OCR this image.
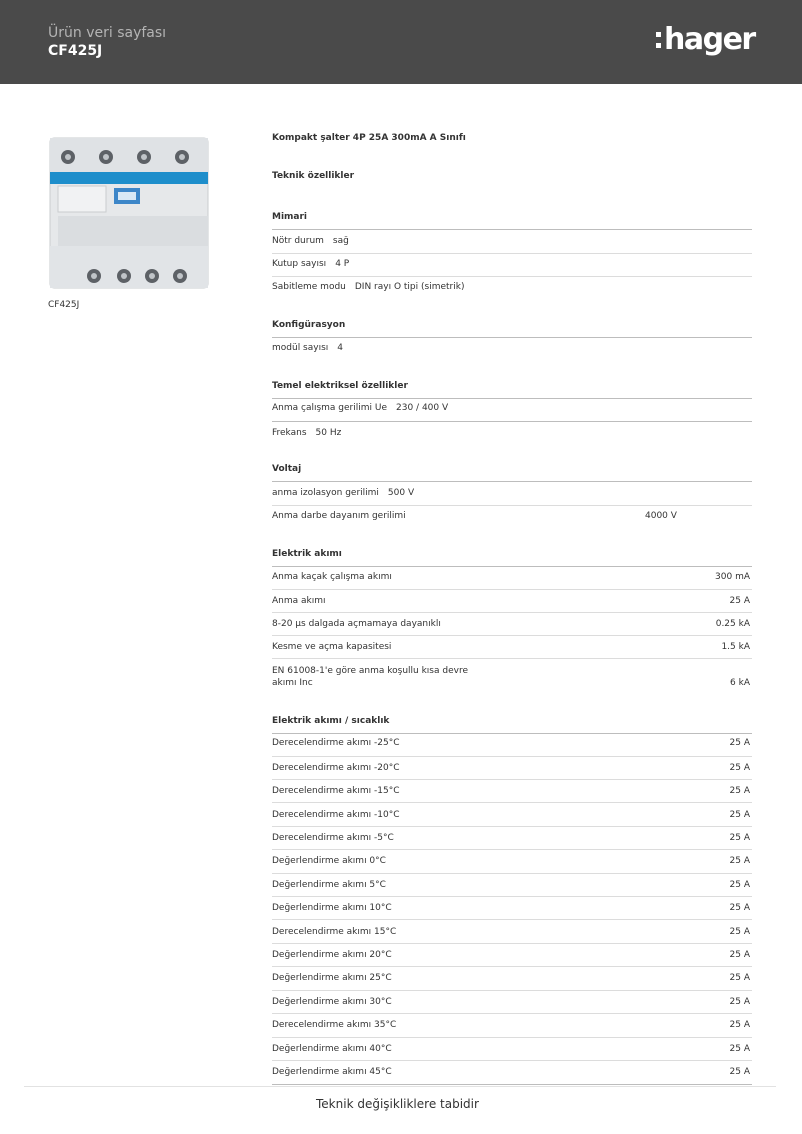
Ürün veri sayfası
CF425J	hager
CF425J
Kompakt şalter 4P 25A 300mA A Sınıfı
Teknik özellikler
Mimari
Nötr durum sağ
Kutup sayısı 4 P
Sabitleme modu DIN rayı O tipi (simetrik)
Konfigürasyon
modül sayısı 4
Temel elektriksel özellikler
Anma çalışma gerilimi Ue 230 / 400 V
Frekans 50 Hz
Voltaj
anma izolasyon gerilimi 500 V
Anma darbe dayanım gerilimi	4000 V
Elektrik akımı
Anma kaçak çalışma akımı	300 mA
Anma akımı	25 A
8-20 µs dalgada açmamaya dayanıklı	0.25 kA
Kesme ve açma kapasitesi	1.5 kA
EN 61008-1'e göre anma koşullu kısa devre
akımı Inc	6 kA
Elektrik akımı / sıcaklık
Derecelendirme akımı -25°C	25 A
Derecelendirme akımı -20°C	25 A
Derecelendirme akımı -15°C	25 A
Derecelendirme akımı -10°C	25 A
Derecelendirme akımı -5°C	25 A
Değerlendirme akımı 0°C	25 A
Değerlendirme akımı 5°C	25 A
Değerlendirme akımı 10°C	25 A
Derecelendirme akımı 15°C	25 A
Değerlendirme akımı 20°C	25 A
Değerlendirme akımı 25°C	25 A
Değerlendirme akımı 30°C	25 A
Derecelendirme akımı 35°C	25 A
Değerlendirme akımı 40°C	25 A
Değerlendirme akımı 45°C	25 A
Teknik değişikliklere tabidir
